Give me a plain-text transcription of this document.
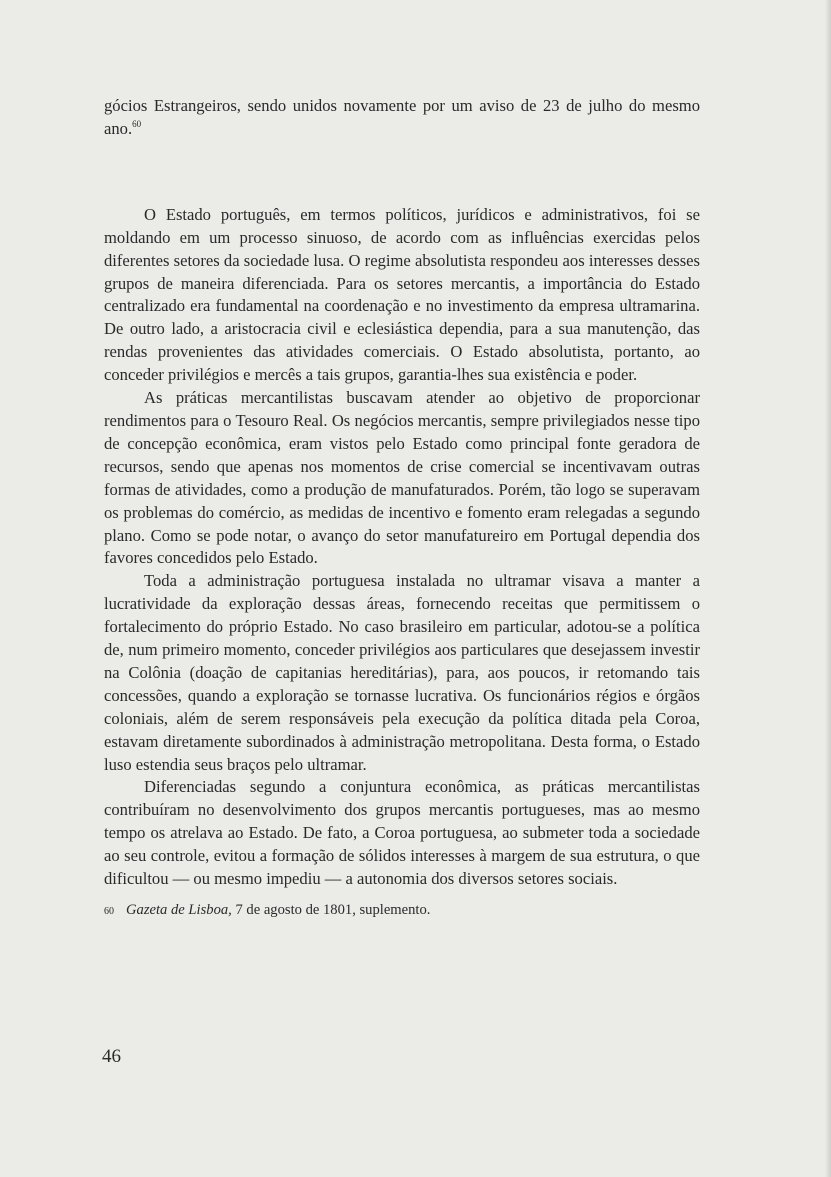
gócios Estrangeiros, sendo unidos novamente por um aviso de 23 de julho do mesmo ano.$^{60}$

O Estado português, em termos políticos, jurídicos e administrativos, foi se moldando em um processo sinuoso, de acordo com as influências exercidas pelos diferentes setores da sociedade lusa. O regime absolutista respondeu aos interesses desses grupos de maneira diferenciada. Para os setores mercantis, a importância do Estado centralizado era fundamental na coordenação e no investimento da empresa ultramarina. De outro lado, a aristocracia civil e eclesiástica dependia, para a sua manutenção, das rendas provenientes das atividades comerciais. O Estado absolutista, portanto, ao conceder privilégios e mercês a tais grupos, garantia-lhes sua existência e poder.

As práticas mercantilistas buscavam atender ao objetivo de proporcionar rendimentos para o Tesouro Real. Os negócios mercantis, sempre privilegiados nesse tipo de concepção econômica, eram vistos pelo Estado como principal fonte geradora de recursos, sendo que apenas nos momentos de crise comercial se incentivavam outras formas de atividades, como a produção de manufaturados. Porém, tão logo se superavam os problemas do comércio, as medidas de incentivo e fomento eram relegadas a segundo plano. Como se pode notar, o avanço do setor manufatureiro em Portugal dependia dos favores concedidos pelo Estado.

Toda a administração portuguesa instalada no ultramar visava a manter a lucratividade da exploração dessas áreas, fornecendo receitas que permitissem o fortalecimento do próprio Estado. No caso brasileiro em particular, adotou-se a política de, num primeiro momento, conceder privilégios aos particulares que desejassem investir na Colônia (doação de capitanias hereditárias), para, aos poucos, ir retomando tais concessões, quando a exploração se tornasse lucrativa. Os funcionários régios e órgãos coloniais, além de serem responsáveis pela execução da política ditada pela Coroa, estavam diretamente subordinados à administração metropolitana. Desta forma, o Estado luso estendia seus braços pelo ultramar.

Diferenciadas segundo a conjuntura econômica, as práticas mercantilistas contribuíram no desenvolvimento dos grupos mercantis portugueses, mas ao mesmo tempo os atrelava ao Estado. De fato, a Coroa portuguesa, ao submeter toda a sociedade ao seu controle, evitou a formação de sólidos interesses à margem de sua estrutura, o que dificultou — ou mesmo impediu — a autonomia dos diversos setores sociais.

60 Gazeta de Lisboa, 7 de agosto de 1801, suplemento.
46
